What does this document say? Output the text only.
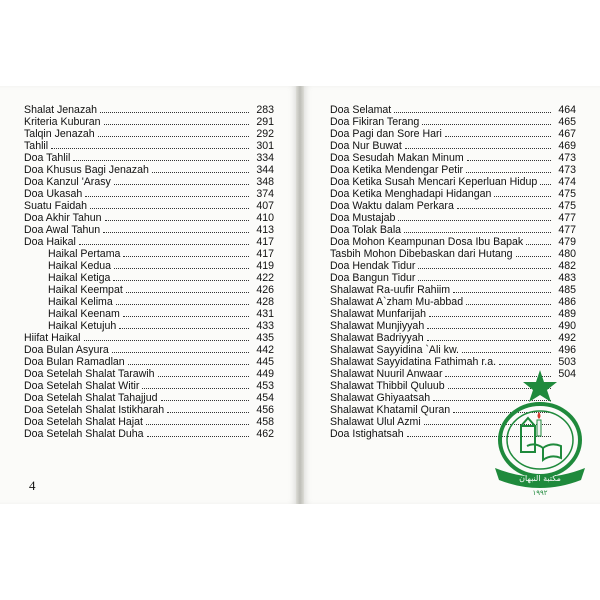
Shalat Jenazah	283
Kriteria Kuburan	291
Talqin Jenazah	292
Tahlil	301
Doa Tahlil	334
Doa Khusus Bagi Jenazah	344
Doa Kanzul 'Arasy	348
Doa Ukasah	374
Suatu Faidah	407
Doa Akhir Tahun	410
Doa Awal Tahun	413
Doa Haikal	417
Haikal Pertama	417
Haikal Kedua	419
Haikal Ketiga	422
Haikal Keempat	426
Haikal Kelima	428
Haikal Keenam	431
Haikal Ketujuh	433
Hiifat Haikal	435
Doa Bulan Asyura	442
Doa Bulan Ramadlan	445
Doa Setelah Shalat Tarawih	449
Doa Setelah Shalat Witir	453
Doa Setelah Shalat Tahajjud	454
Doa Setelah Shalat Istikharah	456
Doa Setelah Shalat Hajat	458
Doa Setelah Shalat Duha	462
Doa Selamat	464
Doa Fikiran Terang	465
Doa Pagi dan Sore Hari	467
Doa Nur Buwat	469
Doa Sesudah Makan Minum	473
Doa Ketika Mendengar Petir	473
Doa Ketika Susah Mencari Keperluan Hidup	474
Doa Ketika Menghadapi Hidangan	475
Doa Waktu dalam Perkara	475
Doa Mustajab	477
Doa Tolak Bala	477
Doa Mohon Keampunan Dosa Ibu Bapak	479
Tasbih Mohon Dibebaskan dari Hutang	480
Doa Hendak Tidur	482
Doa Bangun Tidur	483
Shalawat Ra-uufir Rahiim	485
Shalawat A`zham Mu-abbad	486
Shalawat Munfarijah	489
Shalawat Munjiyyah	490
Shalawat Badriyyah	492
Shalawat Sayyidina `Ali kw.	496
Shalawat Sayyidatina Fathimah r.a.	503
Shalawat Nuuril Anwaar	504
Shalawat Thibbil Quluub
Shalawat Ghiyaatsah
Shalawat Khatamil Quran
Shalawat Ulul Azmi
Doa Istighatsah
4	مكتبة النبهان
١٩٩٢
